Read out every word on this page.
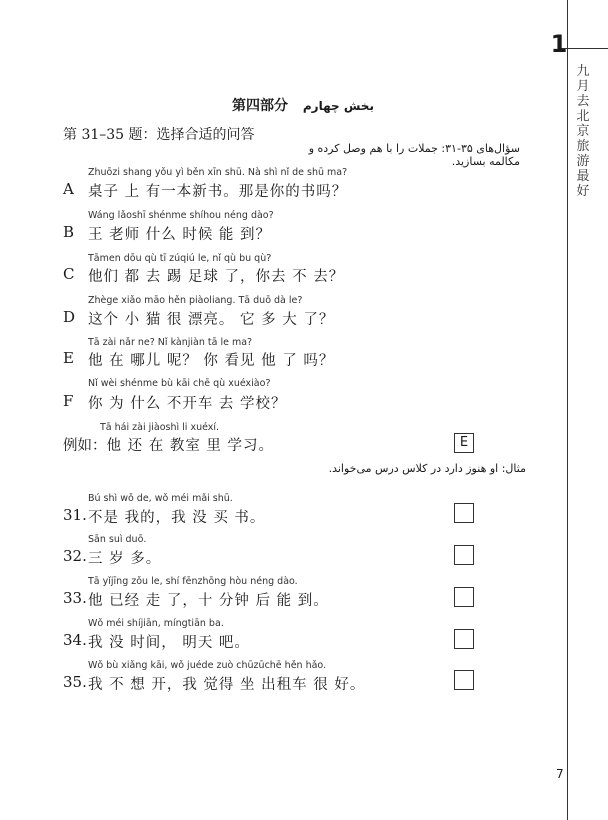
1
九
月
去
北
京
旅
游
最
好
第四部分 بخش چهارم
第 31–35 题：选择合适的问答
سؤال‌های ۳۵-۳۱: جملات را با هم وصل کرده و مکالمه بسازید.
Zhuōzi shang yǒu yì běn xīn shū. Nà shì nǐ de shū ma?
A 桌子 上 有一本新书。那是你的书吗？
Wáng lǎoshī shénme shíhou néng dào?
B 王 老师 什么 时候 能 到？
Tāmen dōu qù tī zúqiú le, nǐ qù bu qù?
C 他们 都 去 踢 足球 了，你去 不 去？
Zhège xiǎo māo hěn piàoliang. Tā duō dà le?
D 这个 小 猫 很 漂亮。 它 多 大 了？
Tā zài nǎr ne? Nǐ kànjiàn tā le ma?
E 他 在 哪儿 呢？ 你 看见 他 了 吗？
Nǐ wèi shénme bù kāi chē qù xuéxiào?
F 你 为 什么 不开车 去 学校？
Tā hái zài jiàoshì li xuéxí.
例如：他 还 在 教室 里 学习。	E
مثال: او هنوز دارد در کلاس درس می‌خواند.
Bú shì wǒ de, wǒ méi mǎi shū.
31. 不是 我的，我 没 买 书。
Sān suì duō.
32. 三 岁 多。
Tā yǐjīng zǒu le, shí fēnzhōng hòu néng dào.
33. 他 已经 走 了，十 分钟 后 能 到。
Wǒ méi shíjiān, míngtiān ba.
34. 我 没 时间， 明天 吧。
Wǒ bù xiǎng kāi, wǒ juéde zuò chūzūchē hěn hǎo.
35. 我 不 想 开，我 觉得 坐 出租车 很 好。
7
